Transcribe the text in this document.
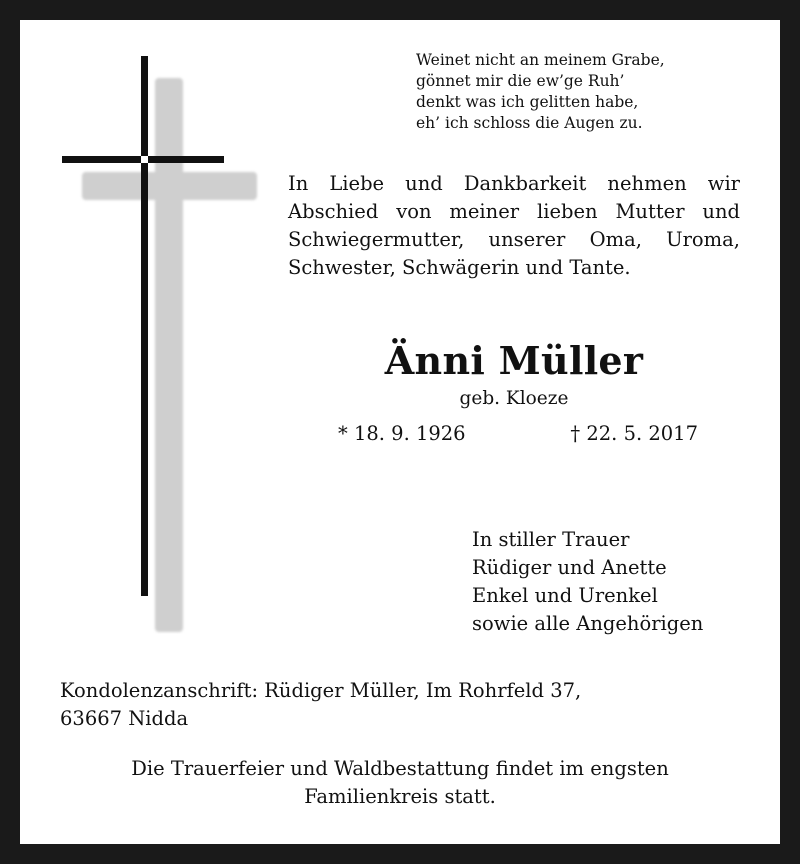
Weinet nicht an meinem Grabe,
gönnet mir die ew’ge Ruh’
denkt was ich gelitten habe,
eh’ ich schloss die Augen zu.
In Liebe und Dankbarkeit nehmen wir Abschied von meiner lieben Mutter und Schwiegermutter, unserer Oma, Uroma, Schwester, Schwägerin und Tante.
Änni Müller
geb. Kloeze
* 18. 9. 1926	† 22. 5. 2017
In stiller Trauer
Rüdiger und Anette
Enkel und Urenkel
sowie alle Angehörigen
Kondolenzanschrift: Rüdiger Müller, Im Rohrfeld 37,
63667 Nidda
Die Trauerfeier und Waldbestattung findet im engsten
Familienkreis statt.
